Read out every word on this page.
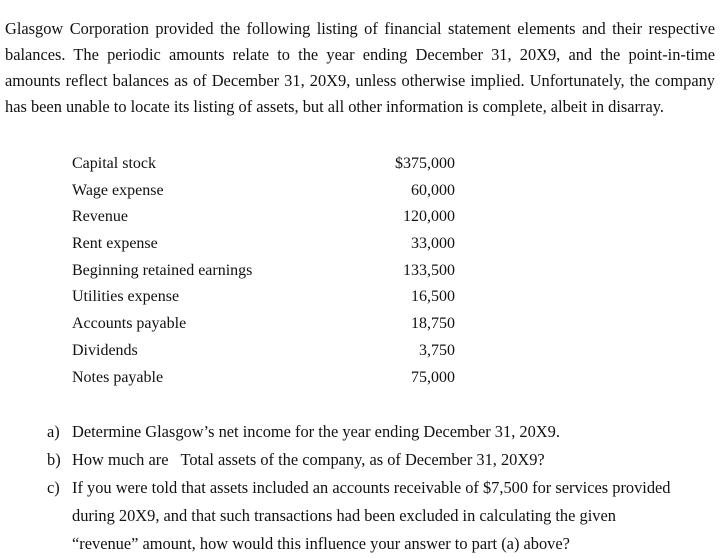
Glasgow Corporation provided the following listing of financial statement elements and their respective
balances. The periodic amounts relate to the year ending December 31, 20X9, and the point-in-time
amounts reflect balances as of December 31, 20X9, unless otherwise implied. Unfortunately, the company
has been unable to locate its listing of assets, but all other information is complete, albeit in disarray.
Capital stock	$375,000
Wage expense	60,000
Revenue	120,000
Rent expense	33,000
Beginning retained earnings	133,500
Utilities expense	16,500
Accounts payable	18,750
Dividends	3,750
Notes payable	75,000
a) Determine Glasgow’s net income for the year ending December 31, 20X9.
b) How much are   Total assets of the company, as of December 31, 20X9?
c) If you were told that assets included an accounts receivable of $7,500 for services provided
during 20X9, and that such transactions had been excluded in calculating the given
“revenue” amount, how would this influence your answer to part (a) above?
